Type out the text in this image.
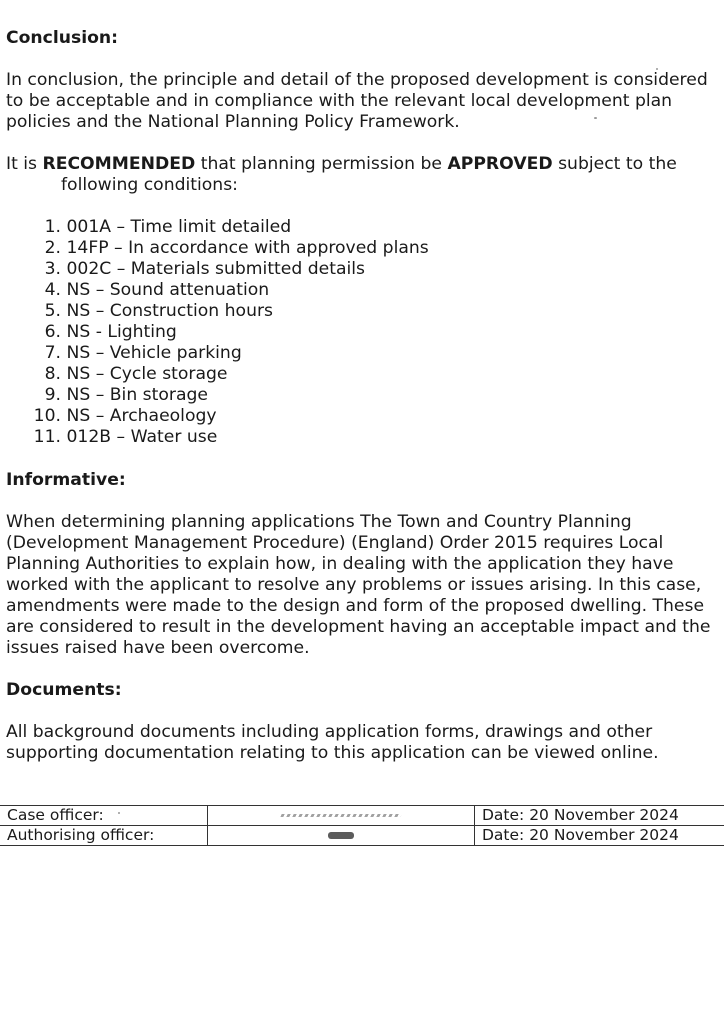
Conclusion:

In conclusion, the principle and detail of the proposed development is considered to be acceptable and in compliance with the relevant local development plan policies and the National Planning Policy Framework.

It is RECOMMENDED that planning permission be APPROVED subject to the
following conditions:

1. 001A – Time limit detailed
2. 14FP – In accordance with approved plans
3. 002C – Materials submitted details
4. NS – Sound attenuation
5. NS – Construction hours
6. NS - Lighting
7. NS – Vehicle parking
8. NS – Cycle storage
9. NS – Bin storage
10. NS – Archaeology
11. 012B – Water use
Informative:

When determining planning applications The Town and Country Planning (Development Management Procedure) (England) Order 2015 requires Local Planning Authorities to explain how, in dealing with the application they have worked with the applicant to resolve any problems or issues arising. In this case, amendments were made to the design and form of the proposed dwelling. These are considered to result in the development having an acceptable impact and the issues raised have been overcome.

Documents:

All background documents including application forms, drawings and other supporting documentation relating to this application can be viewed online.

Case officer:		Date: 20 November 2024
Authorising officer:		Date: 20 November 2024
